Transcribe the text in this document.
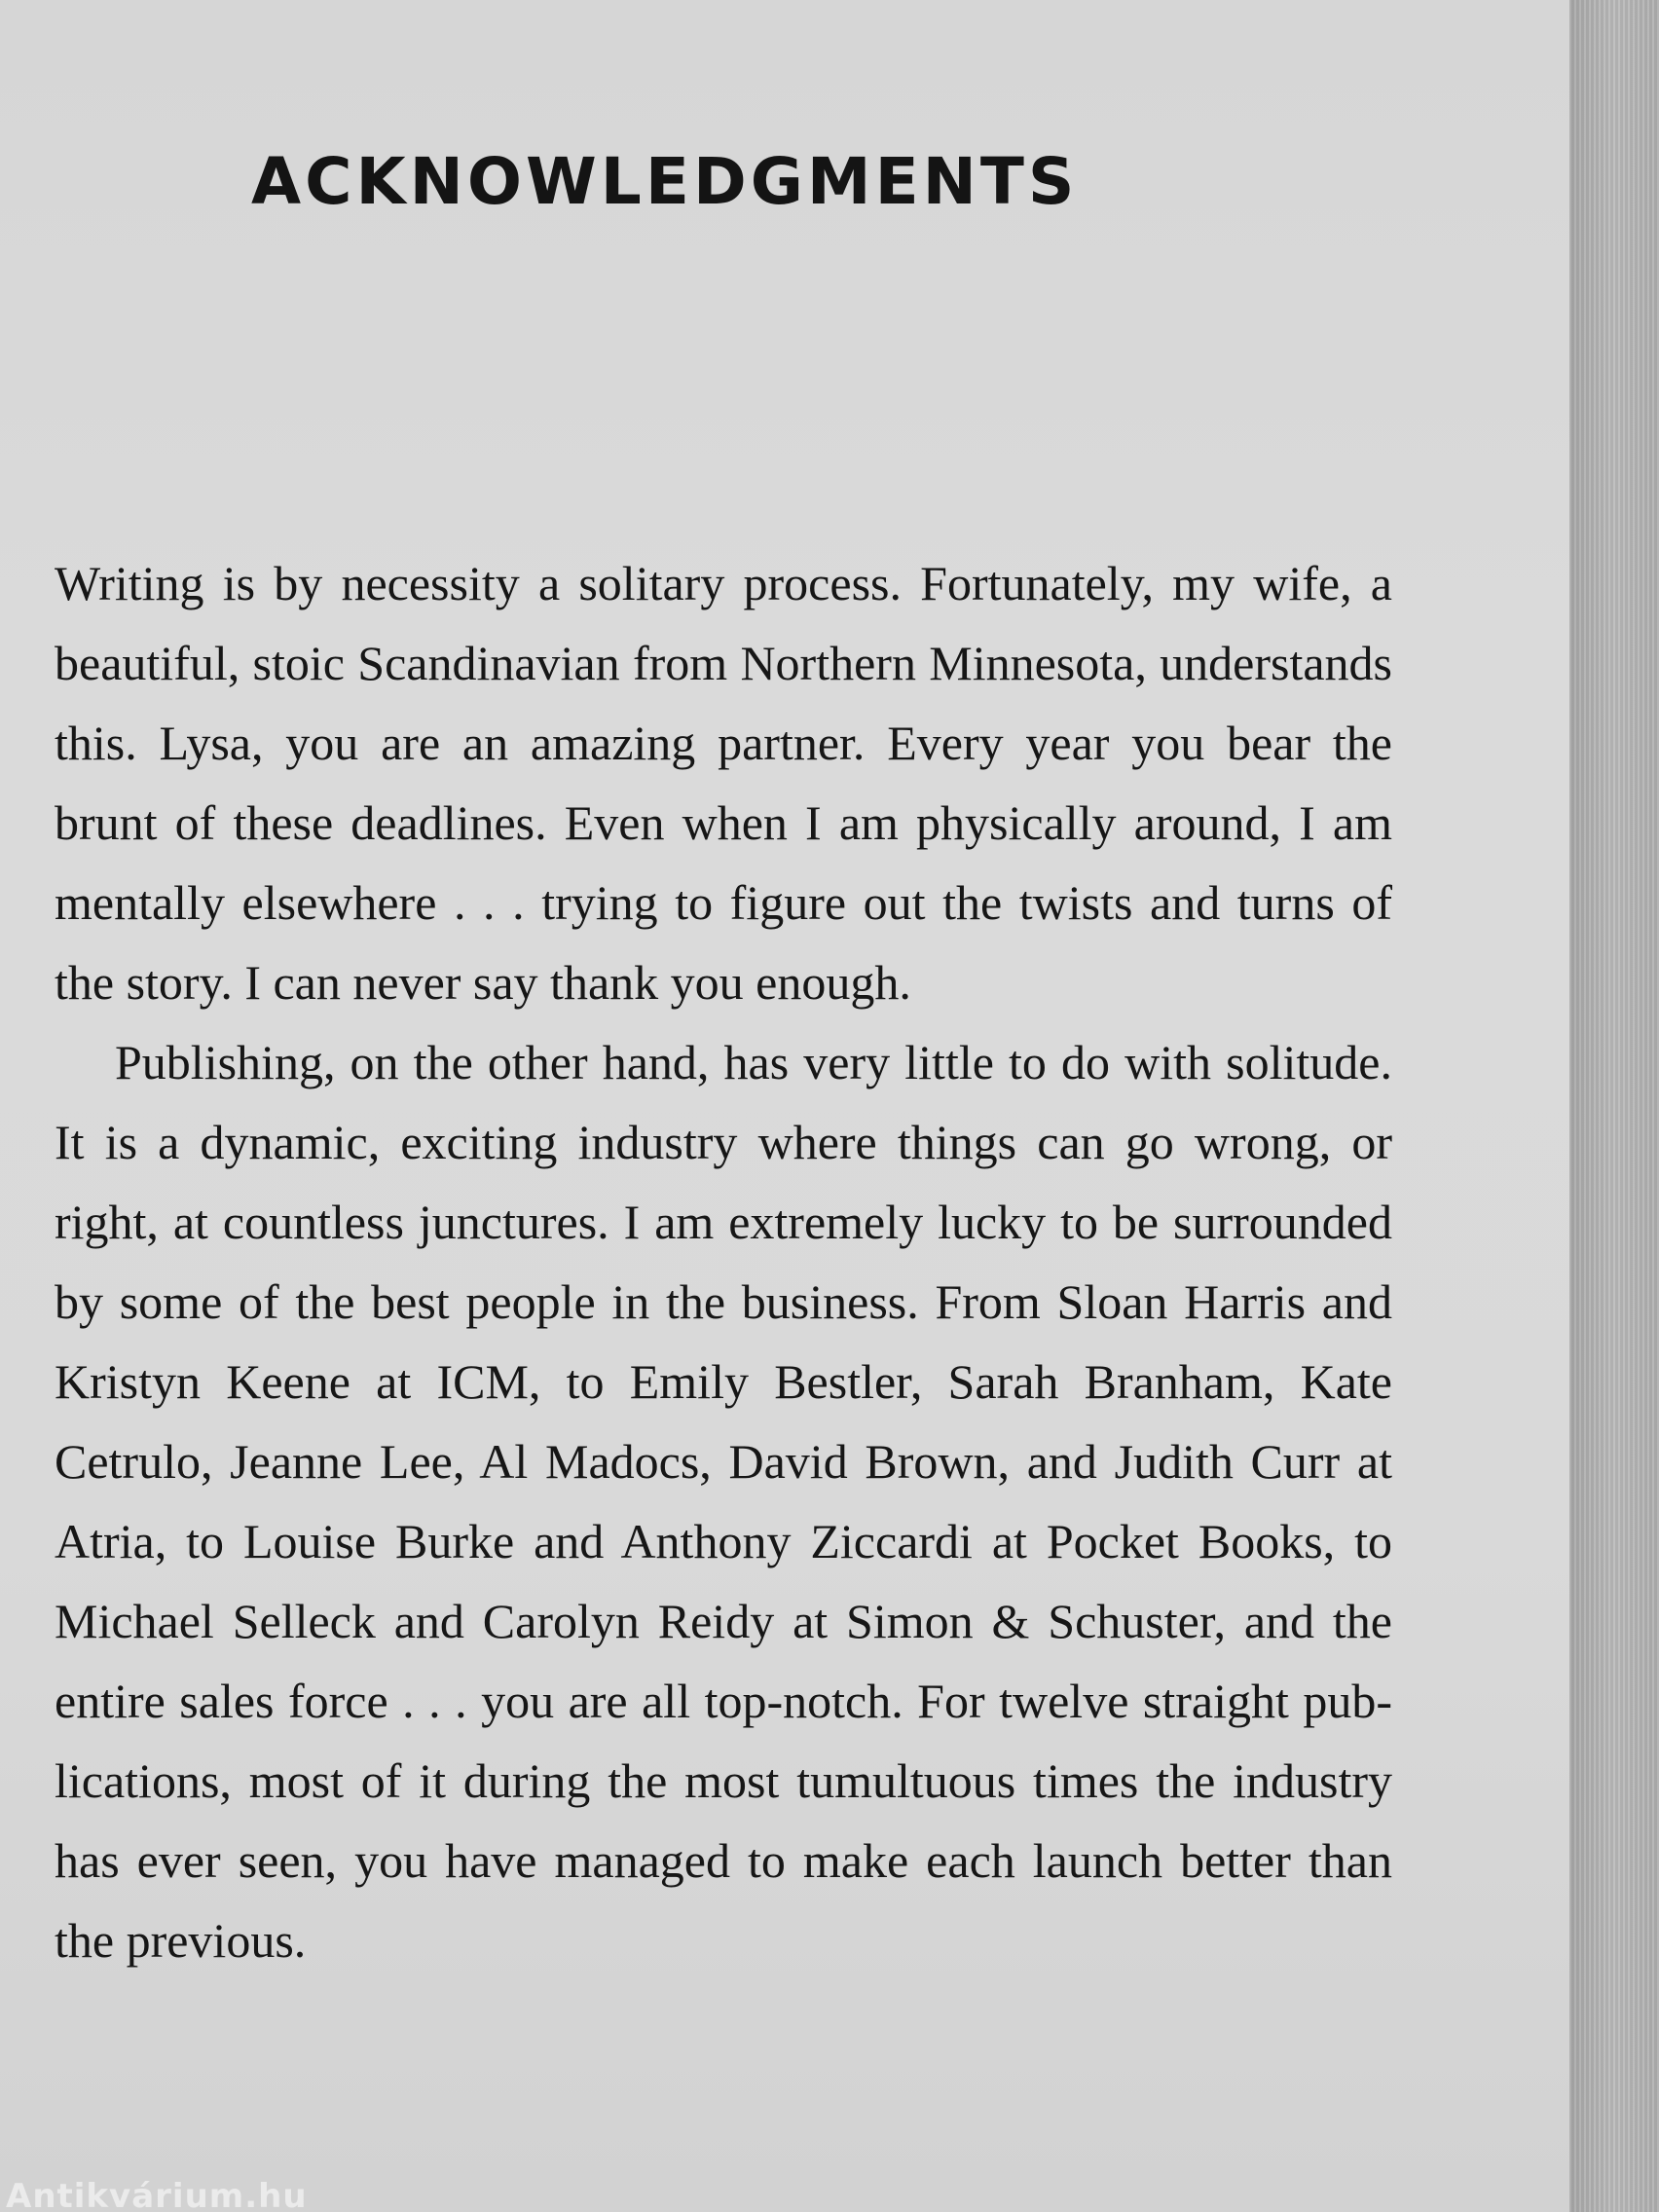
ACKNOWLEDGMENTS

Writing is by necessity a solitary process. Fortunately, my wife, a beautiful, stoic Scandinavian from Northern Minnesota, understands this. Lysa, you are an amazing partner. Every year you bear the brunt of these deadlines. Even when I am physically around, I am mentally elsewhere . . . trying to figure out the twists and turns of the story. I can never say thank you enough.

Publishing, on the other hand, has very little to do with solitude. It is a dynamic, exciting industry where things can go wrong, or right, at countless junctures. I am extremely lucky to be surrounded by some of the best people in the business. From Sloan Harris and Kristyn Keene at ICM, to Emily Bestler, Sarah Branham, Kate Cetrulo, Jeanne Lee, Al Madocs, David Brown, and Judith Curr at Atria, to Louise Burke and Anthony Ziccardi at Pocket Books, to Michael Selleck and Carolyn Reidy at Simon & Schuster, and the entire sales force . . . you are all top-notch. For twelve straight publications, most of it during the most tumultuous times the industry has ever seen, you have managed to make each launch better than the previous.

Antikvárium.hu
